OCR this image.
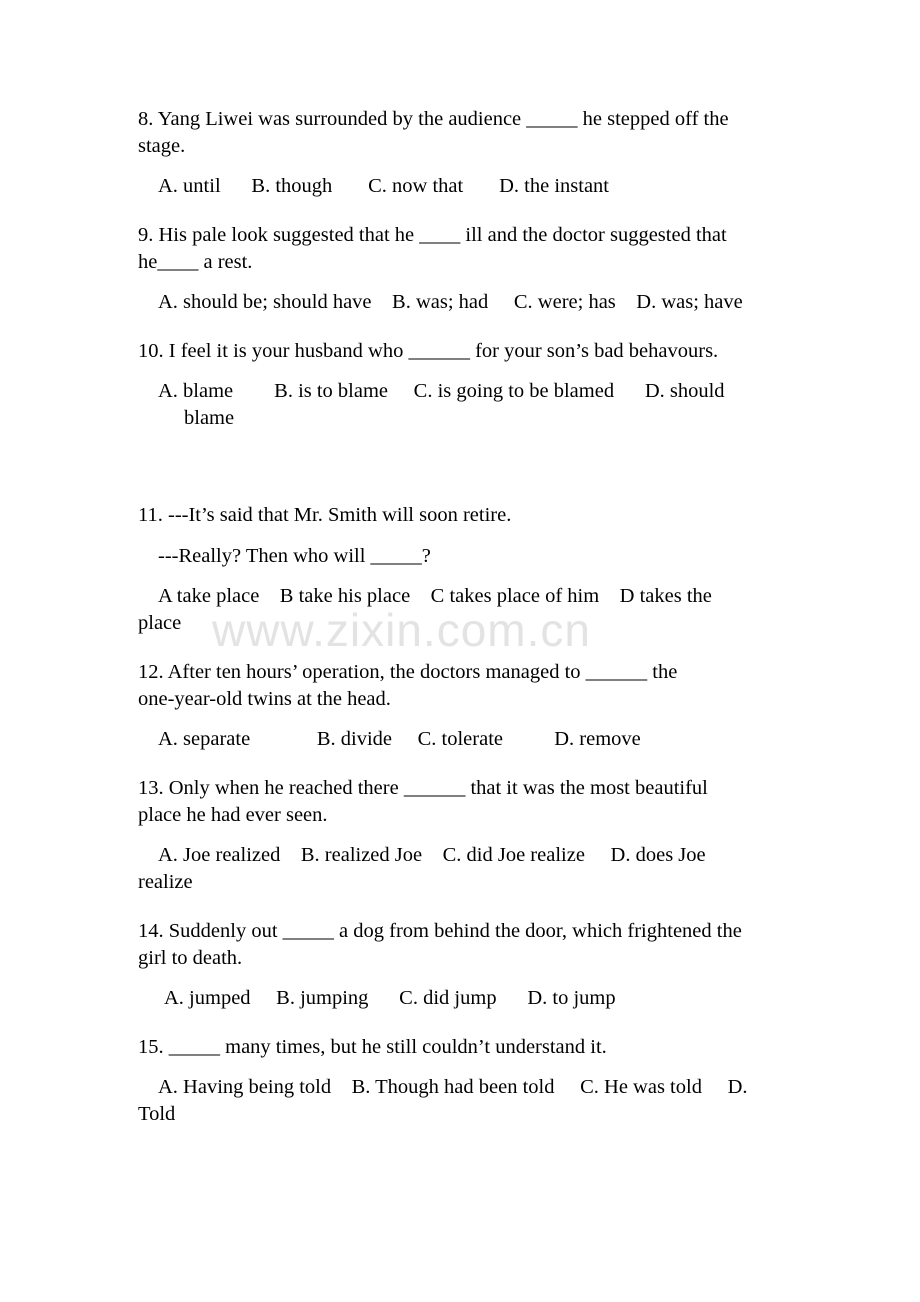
www.zixin.com.cn

8. Yang Liwei was surrounded by the audience _____ he stepped off the

stage.

A. until      B. though       C. now that       D. the instant

9. His pale look suggested that he ____ ill and the doctor suggested that

he____ a rest.

A. should be; should have    B. was; had     C. were; has    D. was; have

10. I feel it is your husband who ______ for your son’s bad behavours.

A. blame        B. is to blame     C. is going to be blamed      D. should

blame

11. ---It’s said that Mr. Smith will soon retire.

---Really? Then who will _____?

A take place    B take his place    C takes place of him    D takes the

place

12. After ten hours’ operation, the doctors managed to ______ the

one-year-old twins at the head.

A. separate             B. divide     C. tolerate          D. remove

13. Only when he reached there ______ that it was the most beautiful

place he had ever seen.

A. Joe realized    B. realized Joe    C. did Joe realize     D. does Joe

realize

14. Suddenly out _____ a dog from behind the door, which frightened the

girl to death.

A. jumped     B. jumping      C. did jump      D. to jump

15. _____ many times, but he still couldn’t understand it.

A. Having being told    B. Though had been told     C. He was told     D.

Told
